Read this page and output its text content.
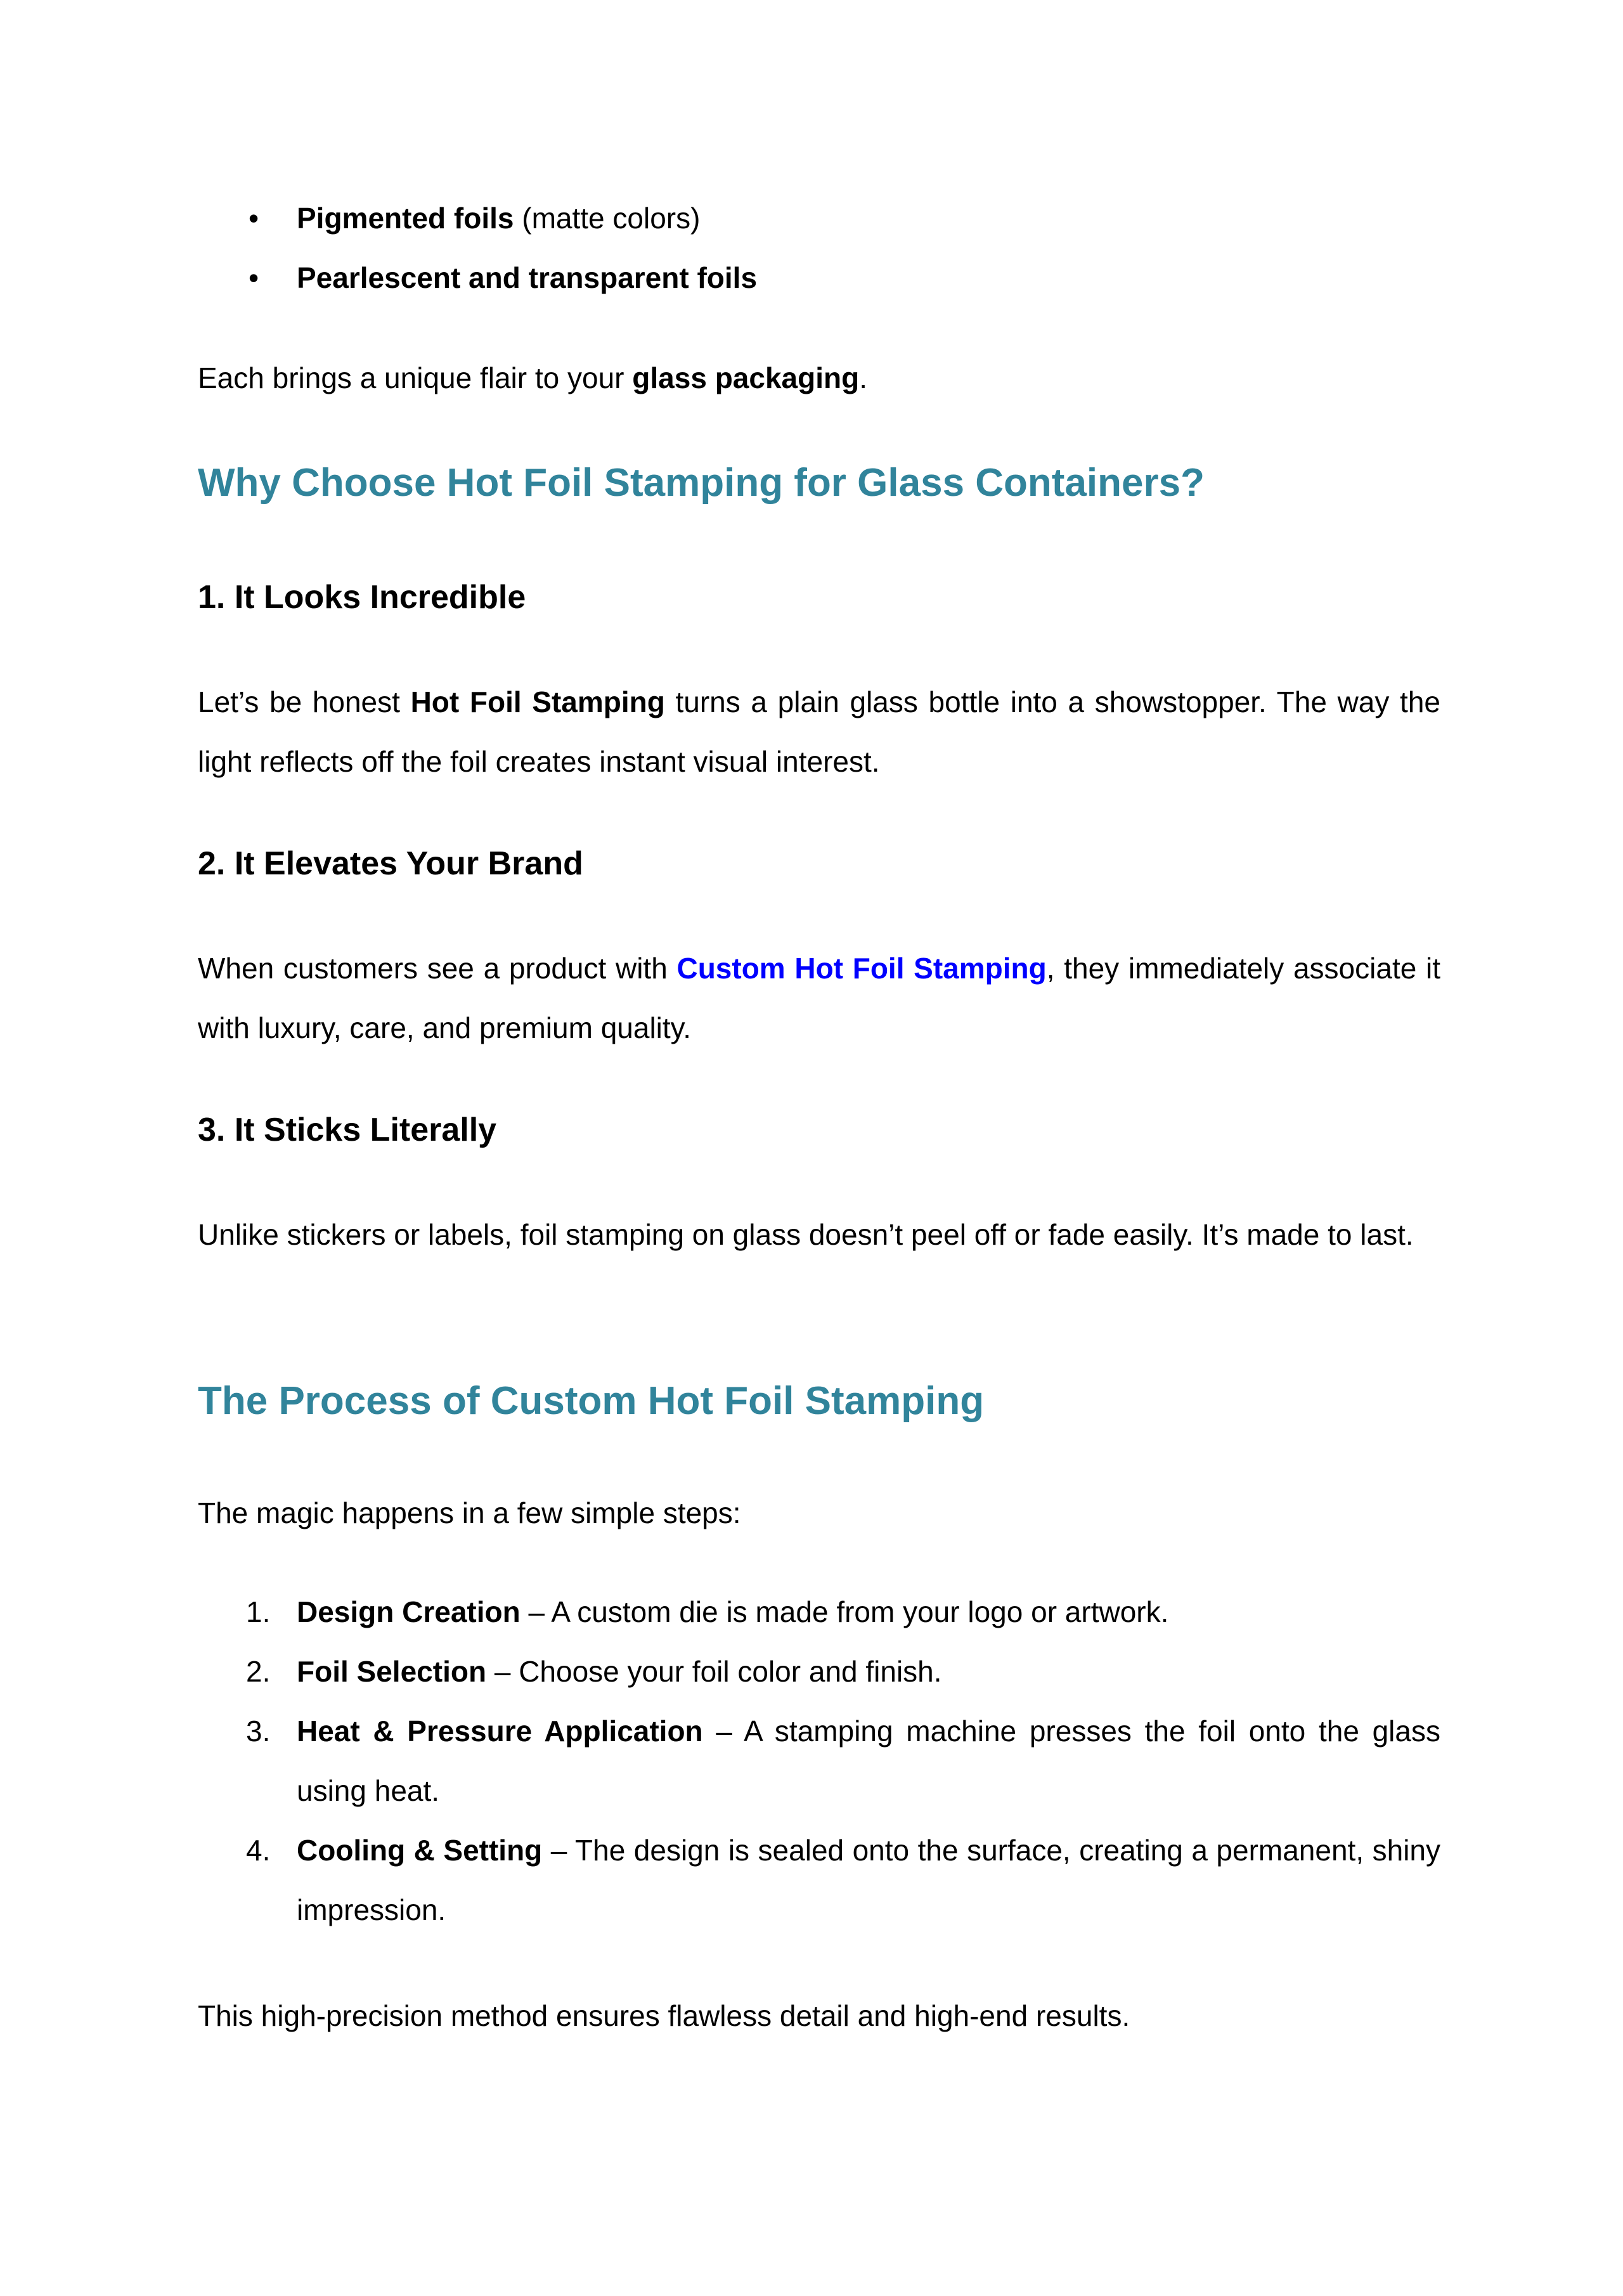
• Pigmented foils (matte colors)
• Pearlescent and transparent foils

Each brings a unique flair to your glass packaging.

Why Choose Hot Foil Stamping for Glass Containers?
1. It Looks Incredible

Let’s be honest Hot Foil Stamping turns a plain glass bottle into a showstopper. The way the light reflects off the foil creates instant visual interest.

2. It Elevates Your Brand

When customers see a product with Custom Hot Foil Stamping, they immediately associate it with luxury, care, and premium quality.

3. It Sticks Literally

Unlike stickers or labels, foil stamping on glass doesn’t peel off or fade easily. It’s made to last.

The Process of Custom Hot Foil Stamping

The magic happens in a few simple steps:

1. Design Creation – A custom die is made from your logo or artwork.
2. Foil Selection – Choose your foil color and finish.
3. Heat & Pressure Application – A stamping machine presses the foil onto the glass using heat.
4. Cooling & Setting – The design is sealed onto the surface, creating a permanent, shiny impression.

This high-precision method ensures flawless detail and high-end results.
